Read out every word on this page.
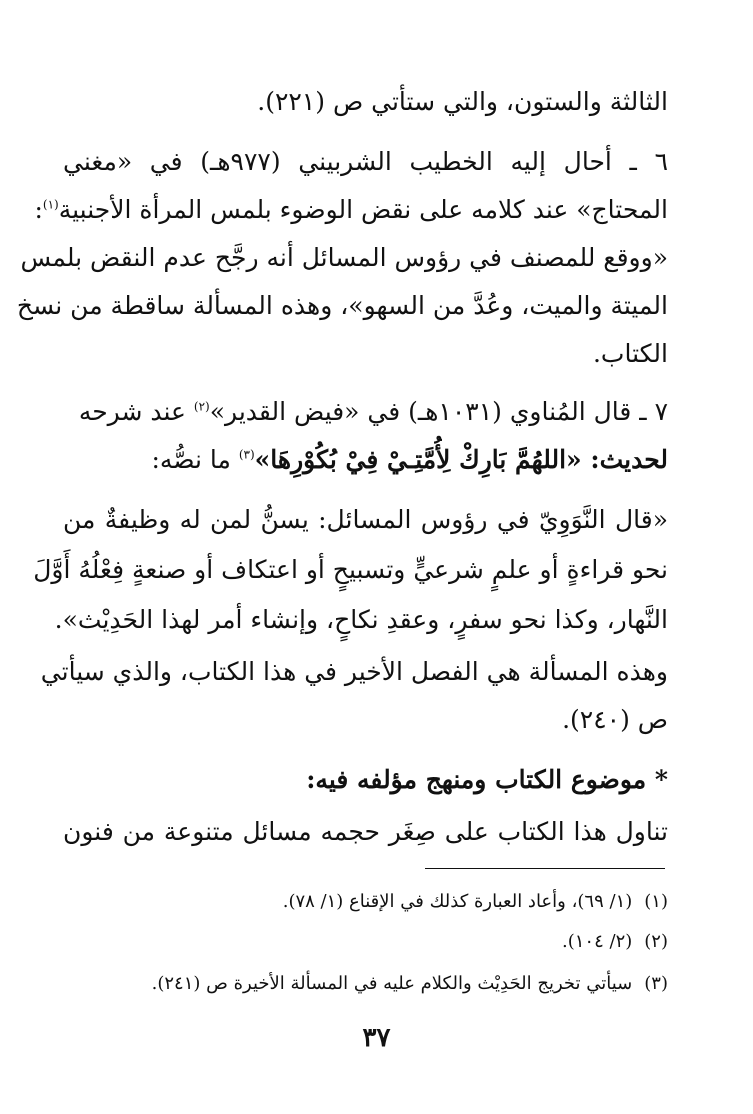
الثالثة والستون، والتي ستأتي ص (٢٢١).
٦ ـ أحال إليه الخطيب الشربيني (٩٧٧هـ) في «مغني
المحتاج» عند كلامه على نقض الوضوء بلمس المرأة الأجنبية$^{(١)}$:
«ووقع للمصنف في رؤوس المسائل أنه رجَّح عدم النقض بلمس
الميتة والميت، وعُدَّ من السهو»، وهذه المسألة ساقطة من نسخ
الكتاب.
٧ ـ قال المُناوي (١٠٣١هـ) في «فيض القدير»$^{(٢)}$ عند شرحه
لحديث: «اللهُمَّ بَارِكْ لِأُمَّتِـيْ فِيْ بُكُوْرِهَا»$^{(٣)}$ ما نصُّه:
«قال النَّوَوِيّ في رؤوس المسائل: يسنُّ لمن له وظيفةٌ من
نحو قراءةٍ أو علمٍ شرعيٍّ وتسبيحٍ أو اعتكاف أو صنعةٍ فِعْلُهُ أَوَّلَ
النَّهار، وكذا نحو سفرٍ، وعقدِ نكاحٍ، وإنشاء أمر لهذا الحَدِيْث».
وهذه المسألة هي الفصل الأخير في هذا الكتاب، والذي سيأتي
ص (٢٤٠).
* موضوع الكتاب ومنهج مؤلفه فيه:
تناول هذا الكتاب على صِغَر حجمه مسائل متنوعة من فنون
(١)(١/ ٦٩)، وأعاد العبارة كذلك في الإقناع (١/ ٧٨).
(٢)(٢/ ١٠٤).
(٣)سيأتي تخريج الحَدِيْث والكلام عليه في المسألة الأخيرة ص (٢٤١).
٣٧
